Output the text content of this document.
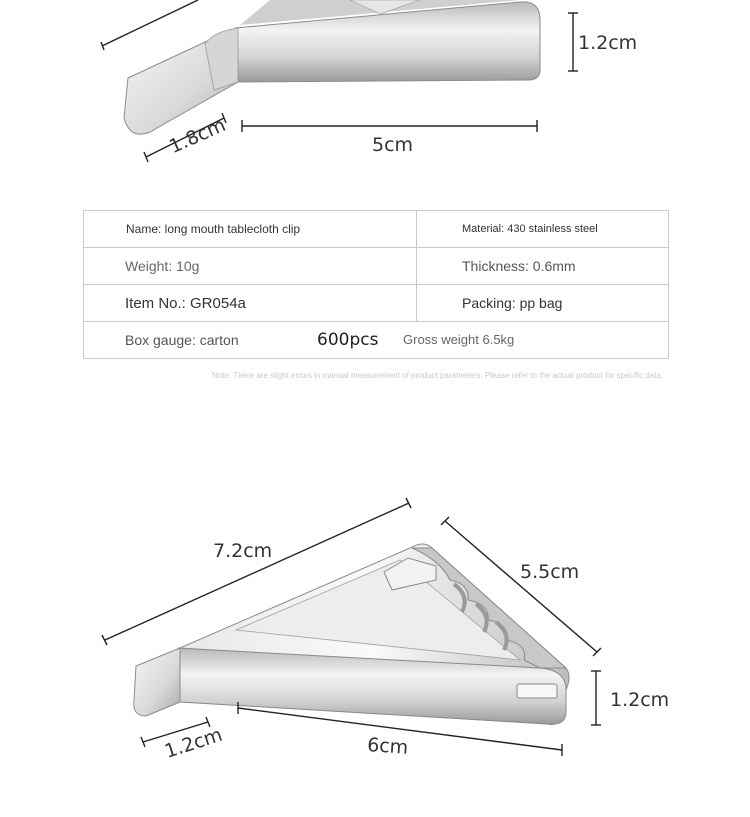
1.2cm
5cm
1.8cm
Name: long mouth tablecloth clip	Material: 430 stainless steel
Weight: 10g	Thickness: 0.6mm
Item No.: GR054a	Packing: pp bag
Box gauge: carton 600pcs Gross weight 6.5kg	
Note: There are slight errors in manual measurement of product parameters. Please refer to the actual product for specific data.
7.2cm
5.5cm
1.2cm
6cm
1.2cm
